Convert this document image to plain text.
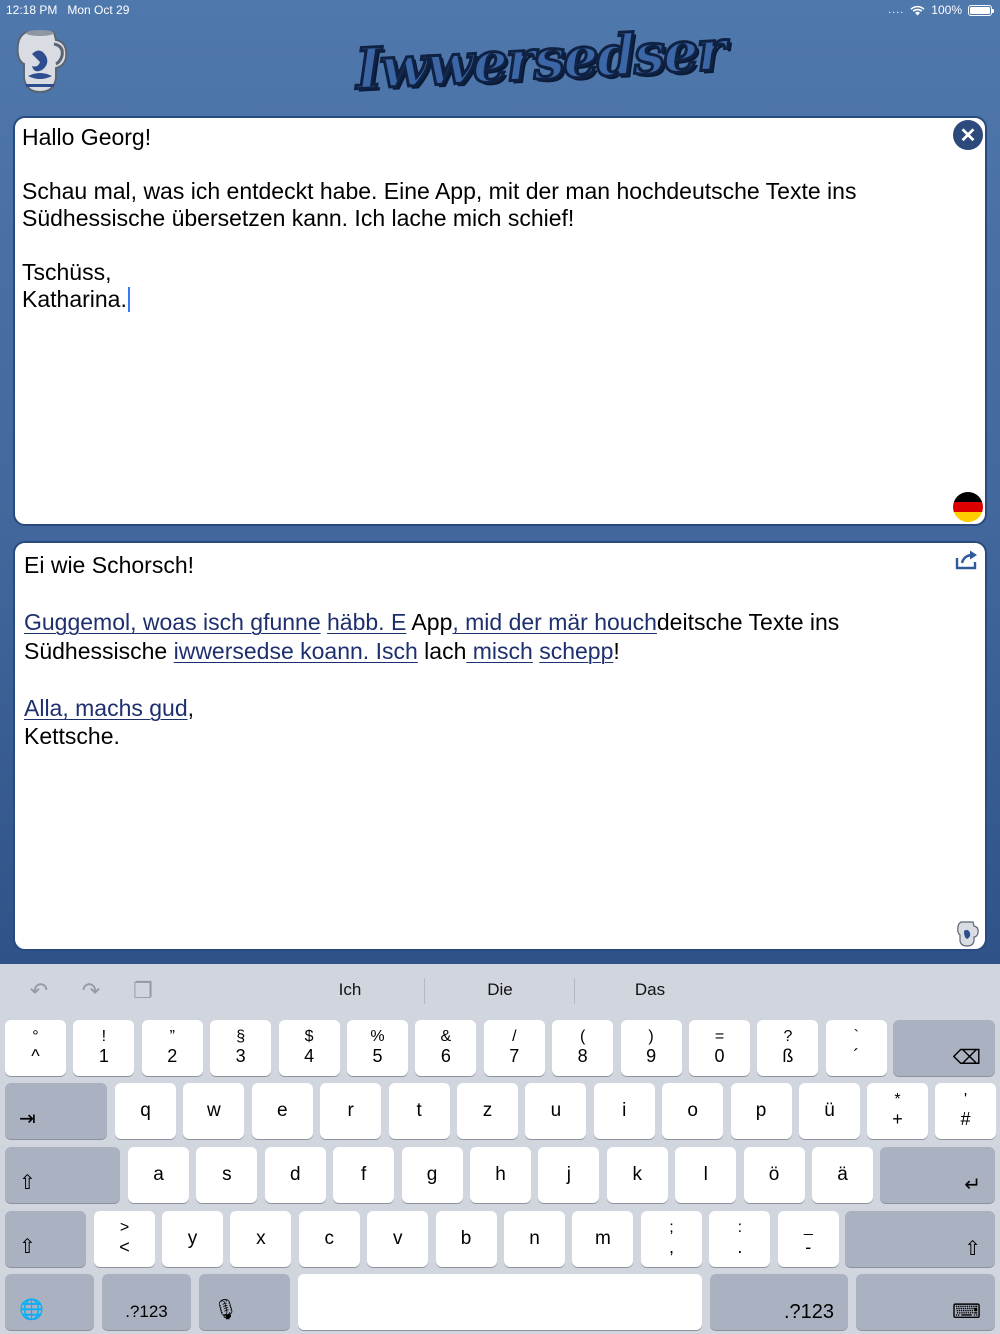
12:18 PM Mon Oct 29	.... 100%
Iwwersedser

Hallo Georg!

Schau mal, was ich entdeckt habe. Eine App, mit der man hochdeutsche Texte ins

Südhessische übersetzen kann. Ich lache mich schief!

Tschüss,

Katharina.

✕

Ei wie Schorsch!

Guggemol, woas isch gfunne häbb. E App, mid der mär houchdeitsche Texte ins

Südhessische iwwersedse koann. Isch lach misch schepp!

Alla, machs gud,

Kettsche.

↶ ↷ ❐	Ich	Die	Das
°
^
!
1
”
2
§
3
$
4
%
5
&
6
/
7
(
8
)
9
=
0
?
ß
`
´	⌫
⇥	q	w	e	r	t	z	u	i	o	p	ü
*
+
'
#
⇧	a	s	d	f	g	h	j	k	l	ö	ä	↵
⇧
>
<	y	x	c	v	b	n	m
;
,
:
.
_
-	⇧
🌐	.?123	🎙	.?123	⌨
